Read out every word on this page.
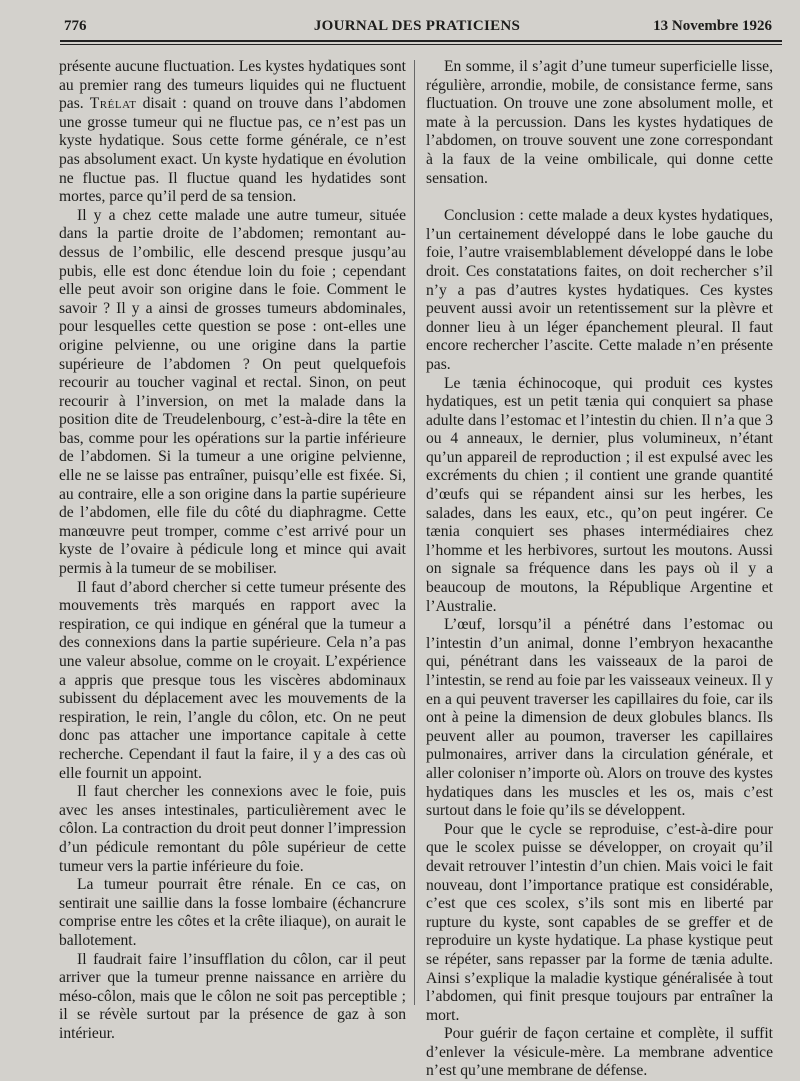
776	JOURNAL DES PRATICIENS	13 Novembre 1926

présente aucune fluctuation. Les kystes hydatiques sont au premier rang des tumeurs liquides qui ne fluctuent pas. Trélat disait : quand on trouve dans l’abdomen une grosse tumeur qui ne fluctue pas, ce n’est pas un kyste hydatique. Sous cette forme générale, ce n’est pas absolument exact. Un kyste hydatique en évolution ne fluctue pas. Il fluctue quand les hydatides sont mortes, parce qu’il perd de sa tension.

Il y a chez cette malade une autre tumeur, située dans la partie droite de l’abdomen; remontant au-dessus de l’ombilic, elle descend presque jusqu’au pubis, elle est donc étendue loin du foie ; cependant elle peut avoir son origine dans le foie. Comment le savoir ? Il y a ainsi de grosses tumeurs abdominales, pour lesquelles cette question se pose : ont-elles une origine pelvienne, ou une origine dans la partie supérieure de l’abdomen ? On peut quelquefois recourir au toucher vaginal et rectal. Sinon, on peut recourir à l’inversion, on met la malade dans la position dite de Treudelenbourg, c’est-à-dire la tête en bas, comme pour les opérations sur la partie inférieure de l’abdomen. Si la tumeur a une origine pelvienne, elle ne se laisse pas entraîner, puisqu’elle est fixée. Si, au contraire, elle a son origine dans la partie supérieure de l’abdomen, elle file du côté du diaphragme. Cette manœuvre peut tromper, comme c’est arrivé pour un kyste de l’ovaire à pédicule long et mince qui avait permis à la tumeur de se mobiliser.

Il faut d’abord chercher si cette tumeur présente des mouvements très marqués en rapport avec la respiration, ce qui indique en général que la tumeur a des connexions dans la partie supérieure. Cela n’a pas une valeur absolue, comme on le croyait. L’expérience a appris que presque tous les viscères abdominaux subissent du déplacement avec les mouvements de la respiration, le rein, l’angle du côlon, etc. On ne peut donc pas attacher une importance capitale à cette recherche. Cependant il faut la faire, il y a des cas où elle fournit un appoint.

Il faut chercher les connexions avec le foie, puis avec les anses intestinales, particulièrement avec le côlon. La contraction du droit peut donner l’impression d’un pédicule remontant du pôle supérieur de cette tumeur vers la partie inférieure du foie.

La tumeur pourrait être rénale. En ce cas, on sentirait une saillie dans la fosse lombaire (échancrure comprise entre les côtes et la crête iliaque), on aurait le ballotement.

Il faudrait faire l’insufflation du côlon, car il peut arriver que la tumeur prenne naissance en arrière du méso-côlon, mais que le côlon ne soit pas perceptible ; il se révèle surtout par la présence de gaz à son intérieur.

En somme, il s’agit d’une tumeur superficielle lisse, régulière, arrondie, mobile, de consistance ferme, sans fluctuation. On trouve une zone absolument molle, et mate à la percussion. Dans les kystes hydatiques de l’abdomen, on trouve souvent une zone correspondant à la faux de la veine ombilicale, qui donne cette sensation.

Conclusion : cette malade a deux kystes hydatiques, l’un certainement développé dans le lobe gauche du foie, l’autre vraisemblablement développé dans le lobe droit. Ces constatations faites, on doit rechercher s’il n’y a pas d’autres kystes hydatiques. Ces kystes peuvent aussi avoir un retentissement sur la plèvre et donner lieu à un léger épanchement pleural. Il faut encore rechercher l’ascite. Cette malade n’en présente pas.

Le tænia échinocoque, qui produit ces kystes hydatiques, est un petit tænia qui conquiert sa phase adulte dans l’estomac et l’intestin du chien. Il n’a que 3 ou 4 anneaux, le dernier, plus volumineux, n’étant qu’un appareil de reproduction ; il est expulsé avec les excréments du chien ; il contient une grande quantité d’œufs qui se répandent ainsi sur les herbes, les salades, dans les eaux, etc., qu’on peut ingérer. Ce tænia conquiert ses phases intermédiaires chez l’homme et les herbivores, surtout les moutons. Aussi on signale sa fréquence dans les pays où il y a beaucoup de moutons, la République Argentine et l’Australie.

L’œuf, lorsqu’il a pénétré dans l’estomac ou l’intestin d’un animal, donne l’embryon hexacanthe qui, pénétrant dans les vaisseaux de la paroi de l’intestin, se rend au foie par les vaisseaux veineux. Il y en a qui peuvent traverser les capillaires du foie, car ils ont à peine la dimension de deux globules blancs. Ils peuvent aller au poumon, traverser les capillaires pulmonaires, arriver dans la circulation générale, et aller coloniser n’importe où. Alors on trouve des kystes hydatiques dans les muscles et les os, mais c’est surtout dans le foie qu’ils se développent.

Pour que le cycle se reproduise, c’est-à-dire pour que le scolex puisse se développer, on croyait qu’il devait retrouver l’intestin d’un chien. Mais voici le fait nouveau, dont l’importance pratique est considérable, c’est que ces scolex, s’ils sont mis en liberté par rupture du kyste, sont capables de se greffer et de reproduire un kyste hydatique. La phase kystique peut se répéter, sans repasser par la forme de tænia adulte. Ainsi s’explique la maladie kystique généralisée à tout l’abdomen, qui finit presque toujours par entraîner la mort.

Pour guérir de façon certaine et complète, il suffit d’enlever la vésicule-mère. La membrane adventice n’est qu’une membrane de défense.
